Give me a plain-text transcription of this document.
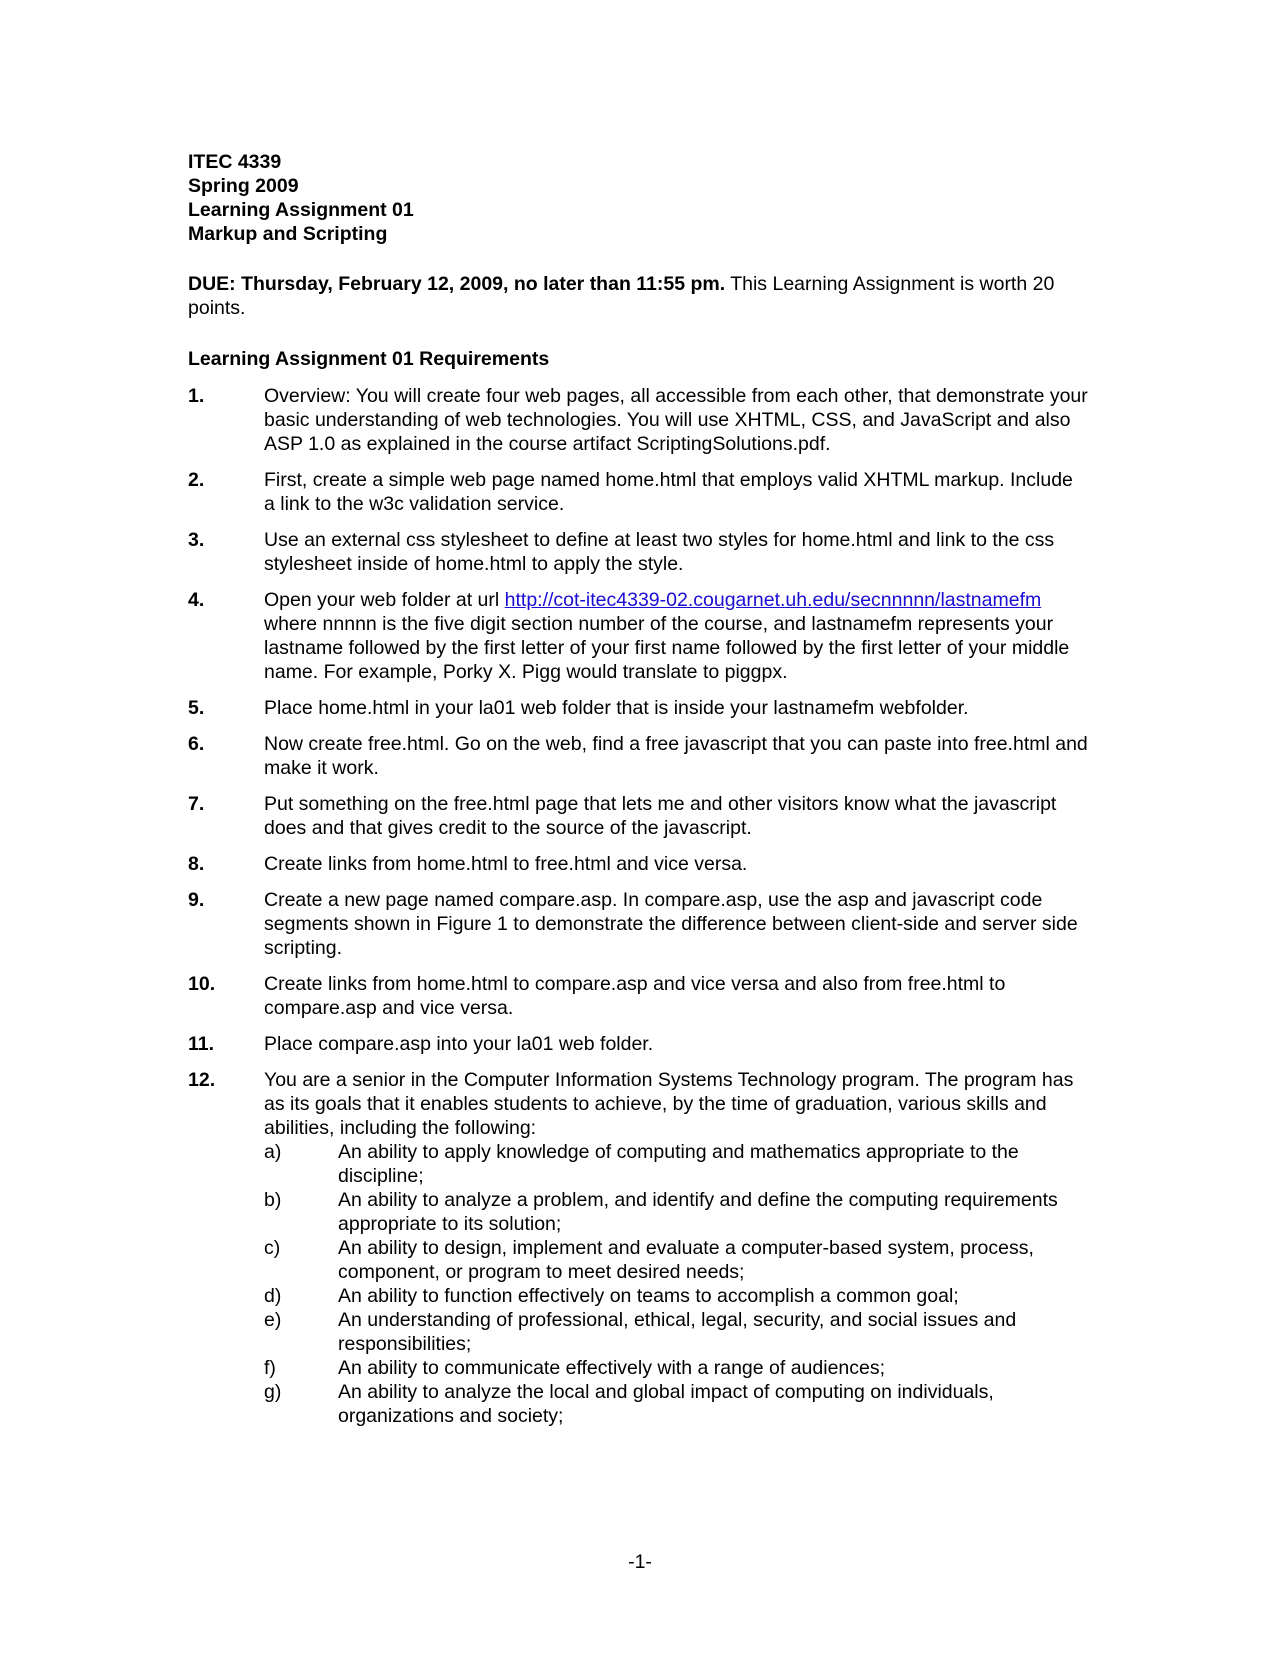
ITEC 4339
Spring 2009
Learning Assignment 01
Markup and Scripting
DUE: Thursday, February 12, 2009, no later than 11:55 pm. This Learning Assignment is worth 20 points.
Learning Assignment 01 Requirements
1.	Overview: You will create four web pages, all accessible from each other, that demonstrate your basic understanding of web technologies. You will use XHTML, CSS, and JavaScript and also ASP 1.0 as explained in the course artifact ScriptingSolutions.pdf.
2.	First, create a simple web page named home.html that employs valid XHTML markup. Include a link to the w3c validation service.
3.	Use an external css stylesheet to define at least two styles for home.html and link to the css stylesheet inside of home.html to apply the style.
4.	Open your web folder at url http://cot-itec4339-02.cougarnet.uh.edu/secnnnnn/lastnamefm where nnnnn is the five digit section number of the course, and lastnamefm represents your lastname followed by the first letter of your first name followed by the first letter of your middle name. For example, Porky X. Pigg would translate to piggpx.
5.	Place home.html in your la01 web folder that is inside your lastnamefm webfolder.
6.	Now create free.html. Go on the web, find a free javascript that you can paste into free.html and make it work.
7.	Put something on the free.html page that lets me and other visitors know what the javascript does and that gives credit to the source of the javascript.
8.	Create links from home.html to free.html and vice versa.
9.	Create a new page named compare.asp. In compare.asp, use the asp and javascript code segments shown in Figure 1 to demonstrate the difference between client-side and server side scripting.
10.	Create links from home.html to compare.asp and vice versa and also from free.html to compare.asp and vice versa.
11.	Place compare.asp into your la01 web folder.
12.	You are a senior in the Computer Information Systems Technology program. The program has as its goals that it enables students to achieve, by the time of graduation, various skills and abilities, including the following:
a)	An ability to apply knowledge of computing and mathematics appropriate to the discipline;
b)	An ability to analyze a problem, and identify and define the computing requirements appropriate to its solution;
c)	An ability to design, implement and evaluate a computer-based system, process, component, or program to meet desired needs;
d)	An ability to function effectively on teams to accomplish a common goal;
e)	An understanding of professional, ethical, legal, security, and social issues and responsibilities;
f)	An ability to communicate effectively with a range of audiences;
g)	An ability to analyze the local and global impact of computing on individuals, organizations and society;
-1-
